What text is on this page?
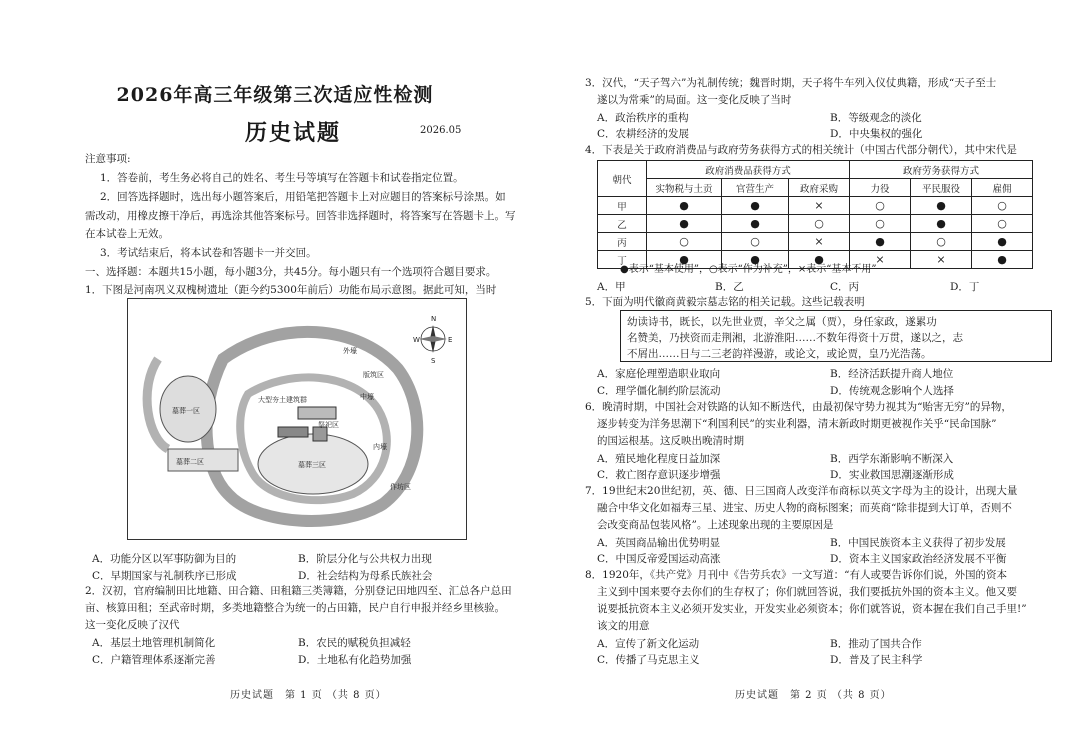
2026年高三年级第三次适应性检测
历史试题	2026.05
注意事项:
1．答卷前，考生务必将自己的姓名、考生号等填写在答题卡和试卷指定位置。
2．回答选择题时，选出每小题答案后，用铅笔把答题卡上对应题目的答案标号涂黑。如
需改动，用橡皮擦干净后，再选涂其他答案标号。回答非选择题时，将答案写在答题卡上。写
在本试卷上无效。
3．考试结束后，将本试卷和答题卡一并交回。
一、选择题：本题共15小题，每小题3分，共45分。每小题只有一个选项符合题目要求。
1．下图是河南巩义双槐树遗址（距今约5300年前后）功能布局示意图。据此可知，当时
N
S
W	E
墓葬一区
墓葬二区	墓葬三区
大型夯土建筑群
版筑区
祭祀区
作坊区
外壕
中壕
内壕
A．功能分区以军事防御为目的	B．阶层分化与公共权力出现
C．早期国家与礼制秩序已形成	D．社会结构为母系氏族社会
2．汉初，官府编制田比地籍、田合籍、田租籍三类簿籍，分别登记田地四至、汇总各户总田
亩、核算田租；至武帝时期，多类地籍整合为统一的占田籍，民户自行申报并经乡里核验。
这一变化反映了汉代
A．基层土地管理机制简化	B．农民的赋税负担减轻
C．户籍管理体系逐渐完善	D．土地私有化趋势加强
历史试题　第 1 页 （共 8 页）
3．汉代，“天子驾六”为礼制传统；魏晋时期，天子将牛车列入仪仗典籍，形成“天子至士
遂以为常乘”的局面。这一变化反映了当时
A．政治秩序的重构	B．等级观念的淡化
C．农耕经济的发展	D．中央集权的强化
4．下表是关于政府消费品与政府劳务获得方式的相关统计（中国古代部分朝代），其中宋代是
朝代	政府消费品获得方式			政府劳务获得方式		
	实物税与土贡	官营生产	政府采购	力役	平民服役	雇佣
甲	●	●	×	○	●	○
乙	●	●	○	○	●	○
丙	○	○	×	●	○	●
丁	●	●	●	×	×	●
●表示“基本使用”，○表示“作为补充”，×表示“基本不用”
A．甲	B．乙	C．丙	D．丁
5．下面为明代徽商黄毅宗墓志铭的相关记载。这些记载表明
幼读诗书，既长，以先世业贾，辛父之属（贾），身任家政，遂累功
名赞美，乃挟资而走荆湘，北游淮阳……不数年得资十万贯，遂以之，志
不屑出……日与二三老韵祥漫游，或论文，或论贾，皇乃光浩荡。
A．家庭伦理塑造职业取向	B．经济活跃提升商人地位
C．理学僵化制约阶层流动	D．传统观念影响个人选择
6．晚清时期，中国社会对铁路的认知不断迭代，由最初保守势力视其为“贻害无穷”的异物，
逐步转变为洋务思潮下“利国利民”的实业利器，清末新政时期更被视作关乎“民命国脉”
的国运根基。这反映出晚清时期
A．殖民地化程度日益加深	B．西学东渐影响不断深入
C．救亡图存意识逐步增强	D．实业救国思潮逐渐形成
7．19世纪末20世纪初，英、德、日三国商人改变洋布商标以英文字母为主的设计，出现大量
融合中华文化如福寿三星、进宝、历史人物的商标图案；而英商“除非提到大订单，否则不
会改变商品包装风格”。上述现象出现的主要原因是
A．英国商品输出优势明显	B．中国民族资本主义获得了初步发展
C．中国反帝爱国运动高涨	D．资本主义国家政治经济发展不平衡
8．1920年，《共产党》月刊中《告劳兵农》一文写道：“有人或要告诉你们说，外国的资本
主义到中国来要夺去你们的生存权了；你们就回答说，我们要抵抗外国的资本主义。他又要
说要抵抗资本主义必须开发实业，开发实业必须资本；你们就答说，资本握在我们自己手里!”
该文的用意
A．宣传了新文化运动	B．推动了国共合作
C．传播了马克思主义	D．普及了民主科学
历史试题　第 2 页 （共 8 页）
